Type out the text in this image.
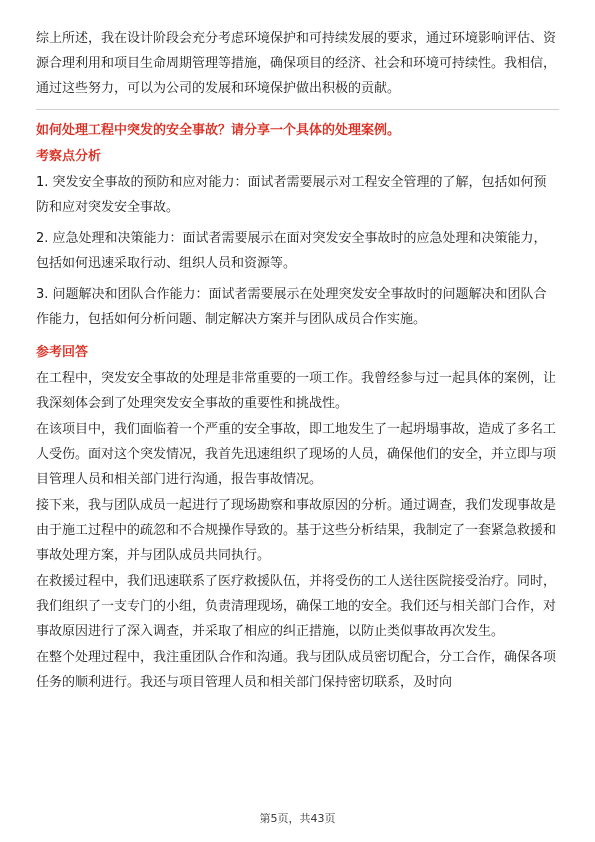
综上所述，我在设计阶段会充分考虑环境保护和可持续发展的要求，通过环境影响评估、资源合理利用和项目生命周期管理等措施，确保项目的经济、社会和环境可持续性。我相信，通过这些努力，可以为公司的发展和环境保护做出积极的贡献。

如何处理工程中突发的安全事故？请分享一个具体的处理案例。
考察点分析

1. 突发安全事故的预防和应对能力：面试者需要展示对工程安全管理的了解，包括如何预防和应对突发安全事故。

2. 应急处理和决策能力：面试者需要展示在面对突发安全事故时的应急处理和决策能力，包括如何迅速采取行动、组织人员和资源等。

3. 问题解决和团队合作能力：面试者需要展示在处理突发安全事故时的问题解决和团队合作能力，包括如何分析问题、制定解决方案并与团队成员合作实施。

参考回答

在工程中，突发安全事故的处理是非常重要的一项工作。我曾经参与过一起具体的案例，让我深刻体会到了处理突发安全事故的重要性和挑战性。

在该项目中，我们面临着一个严重的安全事故，即工地发生了一起坍塌事故，造成了多名工人受伤。面对这个突发情况，我首先迅速组织了现场的人员，确保他们的安全，并立即与项目管理人员和相关部门进行沟通，报告事故情况。

接下来，我与团队成员一起进行了现场勘察和事故原因的分析。通过调查，我们发现事故是由于施工过程中的疏忽和不合规操作导致的。基于这些分析结果，我制定了一套紧急救援和事故处理方案，并与团队成员共同执行。

在救援过程中，我们迅速联系了医疗救援队伍，并将受伤的工人送往医院接受治疗。同时，我们组织了一支专门的小组，负责清理现场，确保工地的安全。我们还与相关部门合作，对事故原因进行了深入调查，并采取了相应的纠正措施，以防止类似事故再次发生。

在整个处理过程中，我注重团队合作和沟通。我与团队成员密切配合，分工合作，确保各项任务的顺利进行。我还与项目管理人员和相关部门保持密切联系，及时向

第5页，共43页
